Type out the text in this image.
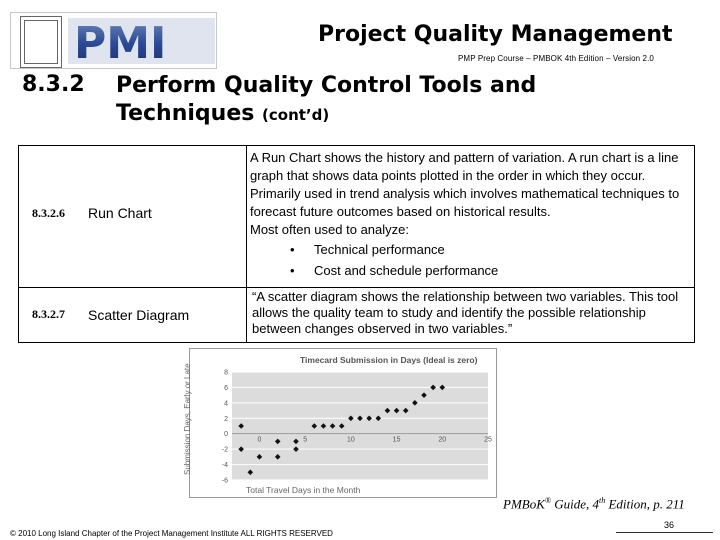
PMI	Project Quality Management
PMP Prep Course – PMBOK 4th Edition – Version 2.0
8.3.2 Perform Quality Control Tools and
Techniques (cont’d)
8.3.2.6 Run Chart
A Run Chart shows the history and pattern of variation. A run chart is a line graph that shows data points plotted in the order in which they occur. Primarily used in trend analysis which involves mathematical techniques to forecast future outcomes based on historical results.
Most often used to analyze:
• Technical performance
• Cost and schedule performance
8.3.2.7 Scatter Diagram
“A scatter diagram shows the relationship between two variables. This tool allows the quality team to study and identify the possible relationship between changes observed in two variables.”
Timecard Submission in Days (Ideal is zero)
Submission Days, Early or Late
Total Travel Days in the Month
-6
-4
-2
0
2
4
6
8
0	5	10	15	20	25
PMBoK® Guide, 4th Edition, p. 211
© 2010 Long Island Chapter of the Project Management Institute ALL RIGHTS RESERVED
36
